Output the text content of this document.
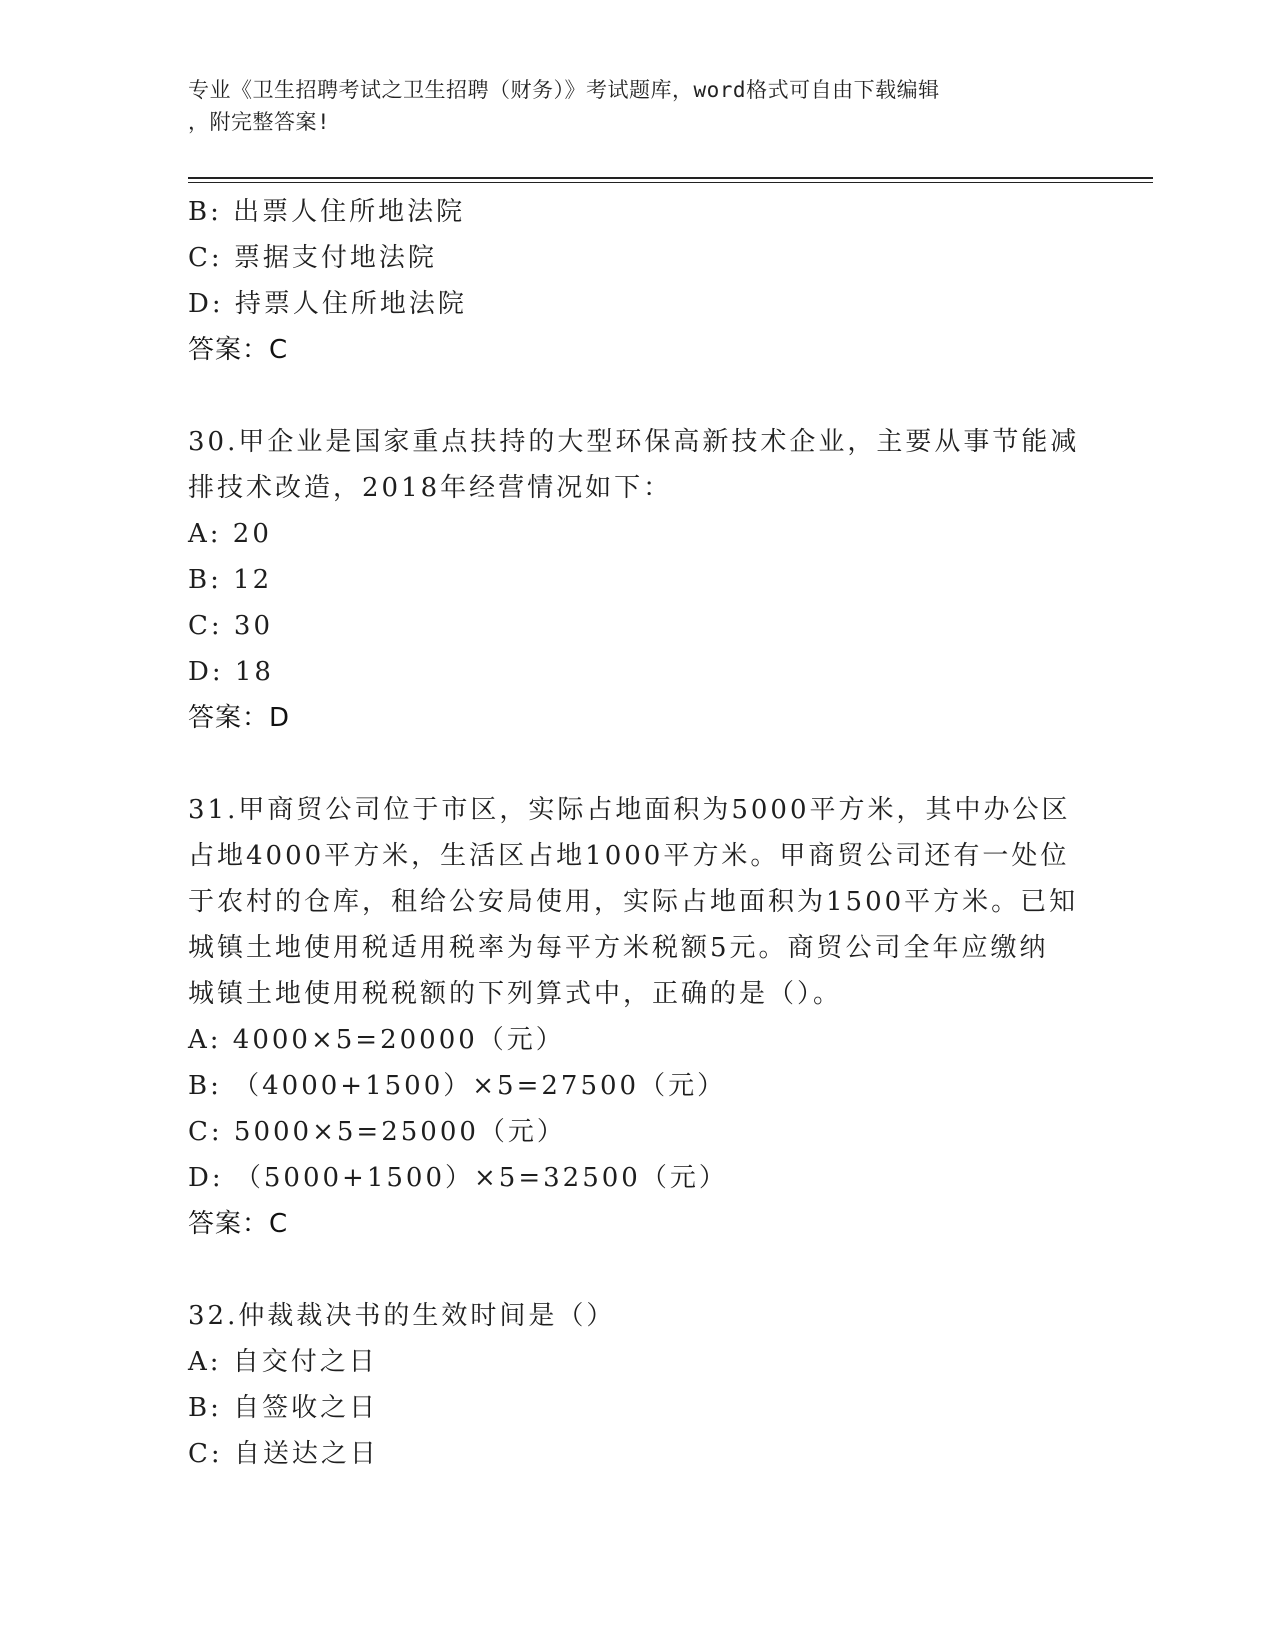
专业《卫生招聘考试之卫生招聘（财务）》考试题库，word格式可自由下载编辑
，附完整答案!
B: 出票人住所地法院
C: 票据支付地法院
D: 持票人住所地法院
答案：C
30.甲企业是国家重点扶持的大型环保高新技术企业，主要从事节能减
排技术改造，2018年经营情况如下：
A: 20
B: 12
C: 30
D: 18
答案：D
31.甲商贸公司位于市区，实际占地面积为5000平方米，其中办公区
占地4000平方米，生活区占地1000平方米。甲商贸公司还有一处位
于农村的仓库，租给公安局使用，实际占地面积为1500平方米。已知
城镇土地使用税适用税率为每平方米税额5元。商贸公司全年应缴纳
城镇土地使用税税额的下列算式中，正确的是（）。
A: 4000×5=20000（元）
B: （4000+1500）×5=27500（元）
C: 5000×5=25000（元）
D: （5000+1500）×5=32500（元）
答案：C
32.仲裁裁决书的生效时间是（）
A: 自交付之日
B: 自签收之日
C: 自送达之日
